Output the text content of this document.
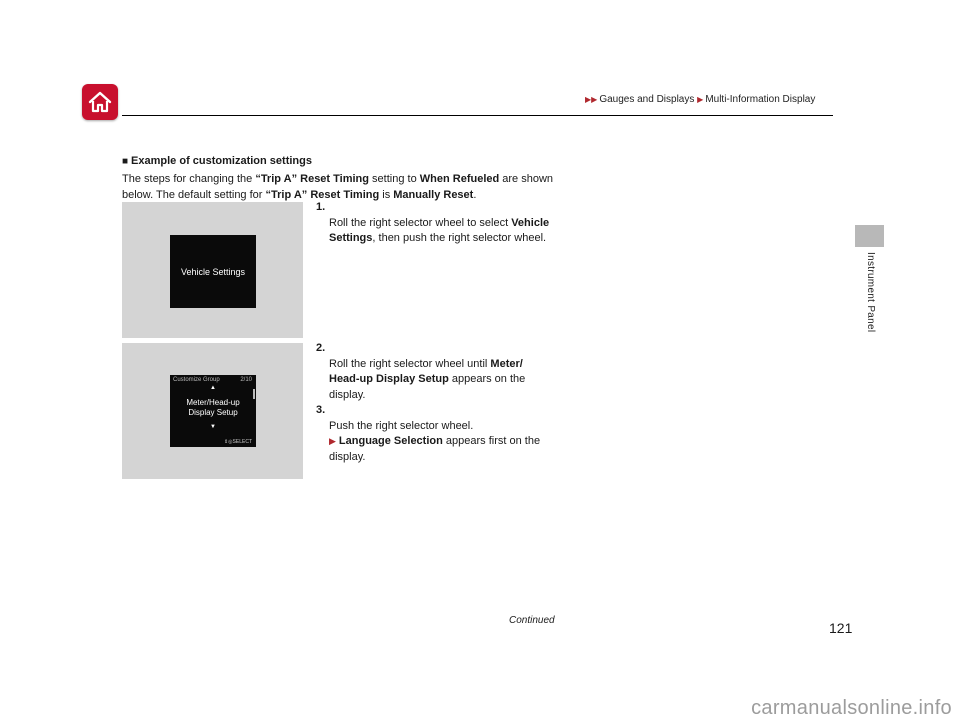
▶▶ Gauges and Displays ▶ Multi-Information Display
Instrument Panel
■ Example of customization settings
The steps for changing the “Trip A” Reset Timing setting to When Refueled are shown below. The default setting for “Trip A” Reset Timing is Manually Reset.
Vehicle Settings
1.
Roll the right selector wheel to select Vehicle Settings, then push the right selector wheel.
Customize Group	2/10
▲
Meter/Head-up
Display Setup
▼
⇕◎SELECT
2.
Roll the right selector wheel until Meter/ Head-up Display Setup appears on the display.
3.
Push the right selector wheel.
▶ Language Selection appears first on the display.
Continued	121
carmanualsonline.info
